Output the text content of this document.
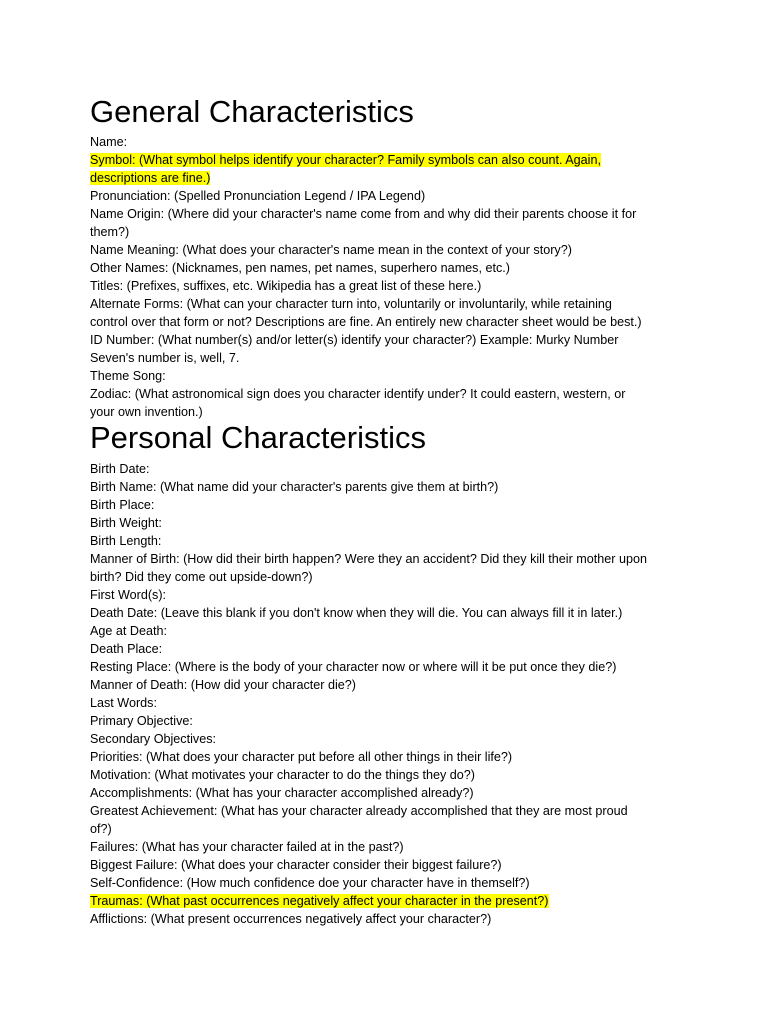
General Characteristics
Name:
Symbol: (What symbol helps identify your character? Family symbols can also count. Again,
descriptions are fine.)
Pronunciation: (Spelled Pronunciation Legend / IPA Legend)
Name Origin: (Where did your character's name come from and why did their parents choose it for
them?)
Name Meaning: (What does your character's name mean in the context of your story?)
Other Names: (Nicknames, pen names, pet names, superhero names, etc.)
Titles: (Prefixes, suffixes, etc. Wikipedia has a great list of these here.)
Alternate Forms: (What can your character turn into, voluntarily or involuntarily, while retaining
control over that form or not? Descriptions are fine. An entirely new character sheet would be best.)
ID Number: (What number(s) and/or letter(s) identify your character?) Example: Murky Number
Seven's number is, well, 7.
Theme Song:
Zodiac: (What astronomical sign does you character identify under? It could eastern, western, or
your own invention.)
Personal Characteristics
Birth Date:
Birth Name: (What name did your character's parents give them at birth?)
Birth Place:
Birth Weight:
Birth Length:
Manner of Birth: (How did their birth happen? Were they an accident? Did they kill their mother upon
birth? Did they come out upside-down?)
First Word(s):
Death Date: (Leave this blank if you don't know when they will die. You can always fill it in later.)
Age at Death:
Death Place:
Resting Place: (Where is the body of your character now or where will it be put once they die?)
Manner of Death: (How did your character die?)
Last Words:
Primary Objective:
Secondary Objectives:
Priorities: (What does your character put before all other things in their life?)
Motivation: (What motivates your character to do the things they do?)
Accomplishments: (What has your character accomplished already?)
Greatest Achievement: (What has your character already accomplished that they are most proud
of?)
Failures: (What has your character failed at in the past?)
Biggest Failure: (What does your character consider their biggest failure?)
Self-Confidence: (How much confidence doe your character have in themself?)
Traumas: (What past occurrences negatively affect your character in the present?)
Afflictions: (What present occurrences negatively affect your character?)
